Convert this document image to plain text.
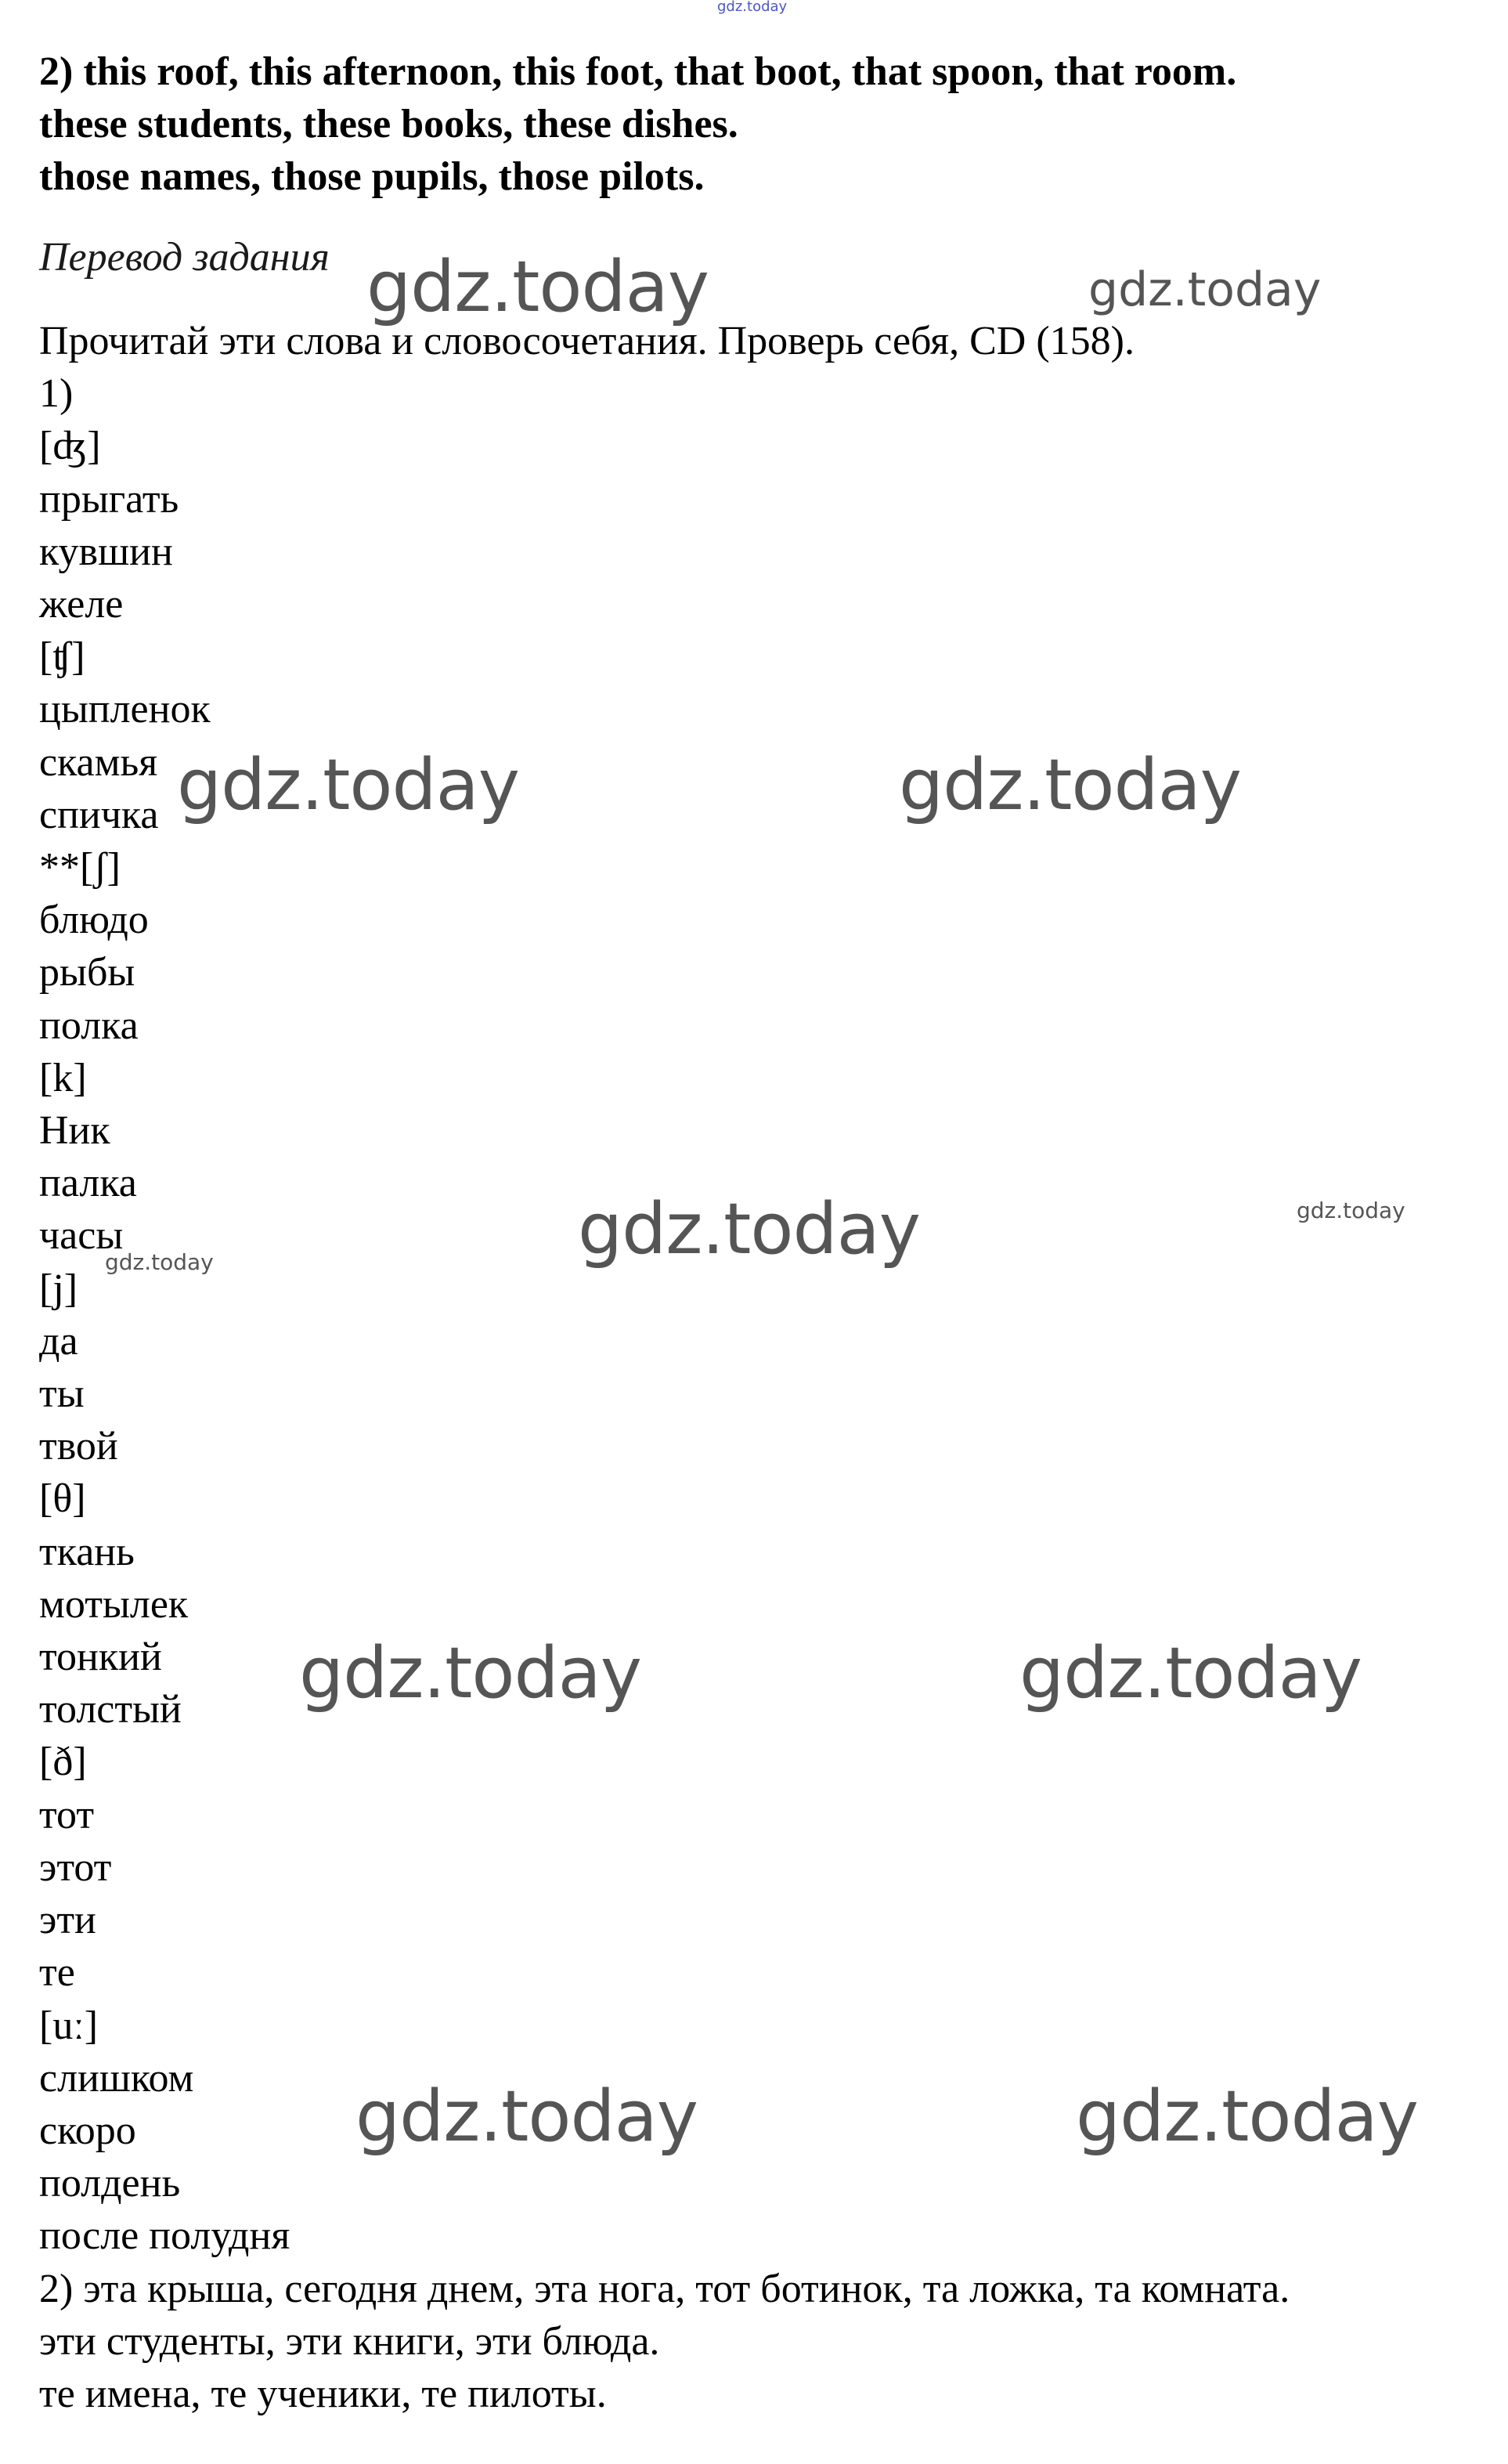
gdz.today
2) this roof, this afternoon, this foot, that boot, that spoon, that room.
these students, these books, these dishes.
those names, those pupils, those pilots.
Перевод задания
Прочитай эти слова и словосочетания. Проверь себя, CD (158).
1)
[ʤ]
прыгать
кувшин
желе
[ʧ]
цыпленок
скамья
спичка
**[ʃ]
блюдо
рыбы
полка
[k]
Ник
палка
часы
[j]
да
ты
твой
[θ]
ткань
мотылек
тонкий
толстый
[ð]
тот
этот
эти
те
[uː]
слишком
скоро
полдень
после полудня
2) эта крыша, сегодня днем, эта нога, тот ботинок, та ложка, та комната.
эти студенты, эти книги, эти блюда.
те имена, те ученики, те пилоты.
gdz.today	gdz.today
gdz.today	gdz.today
gdz.today	gdz.today
gdz.today
gdz.today	gdz.today
gdz.today	gdz.today
